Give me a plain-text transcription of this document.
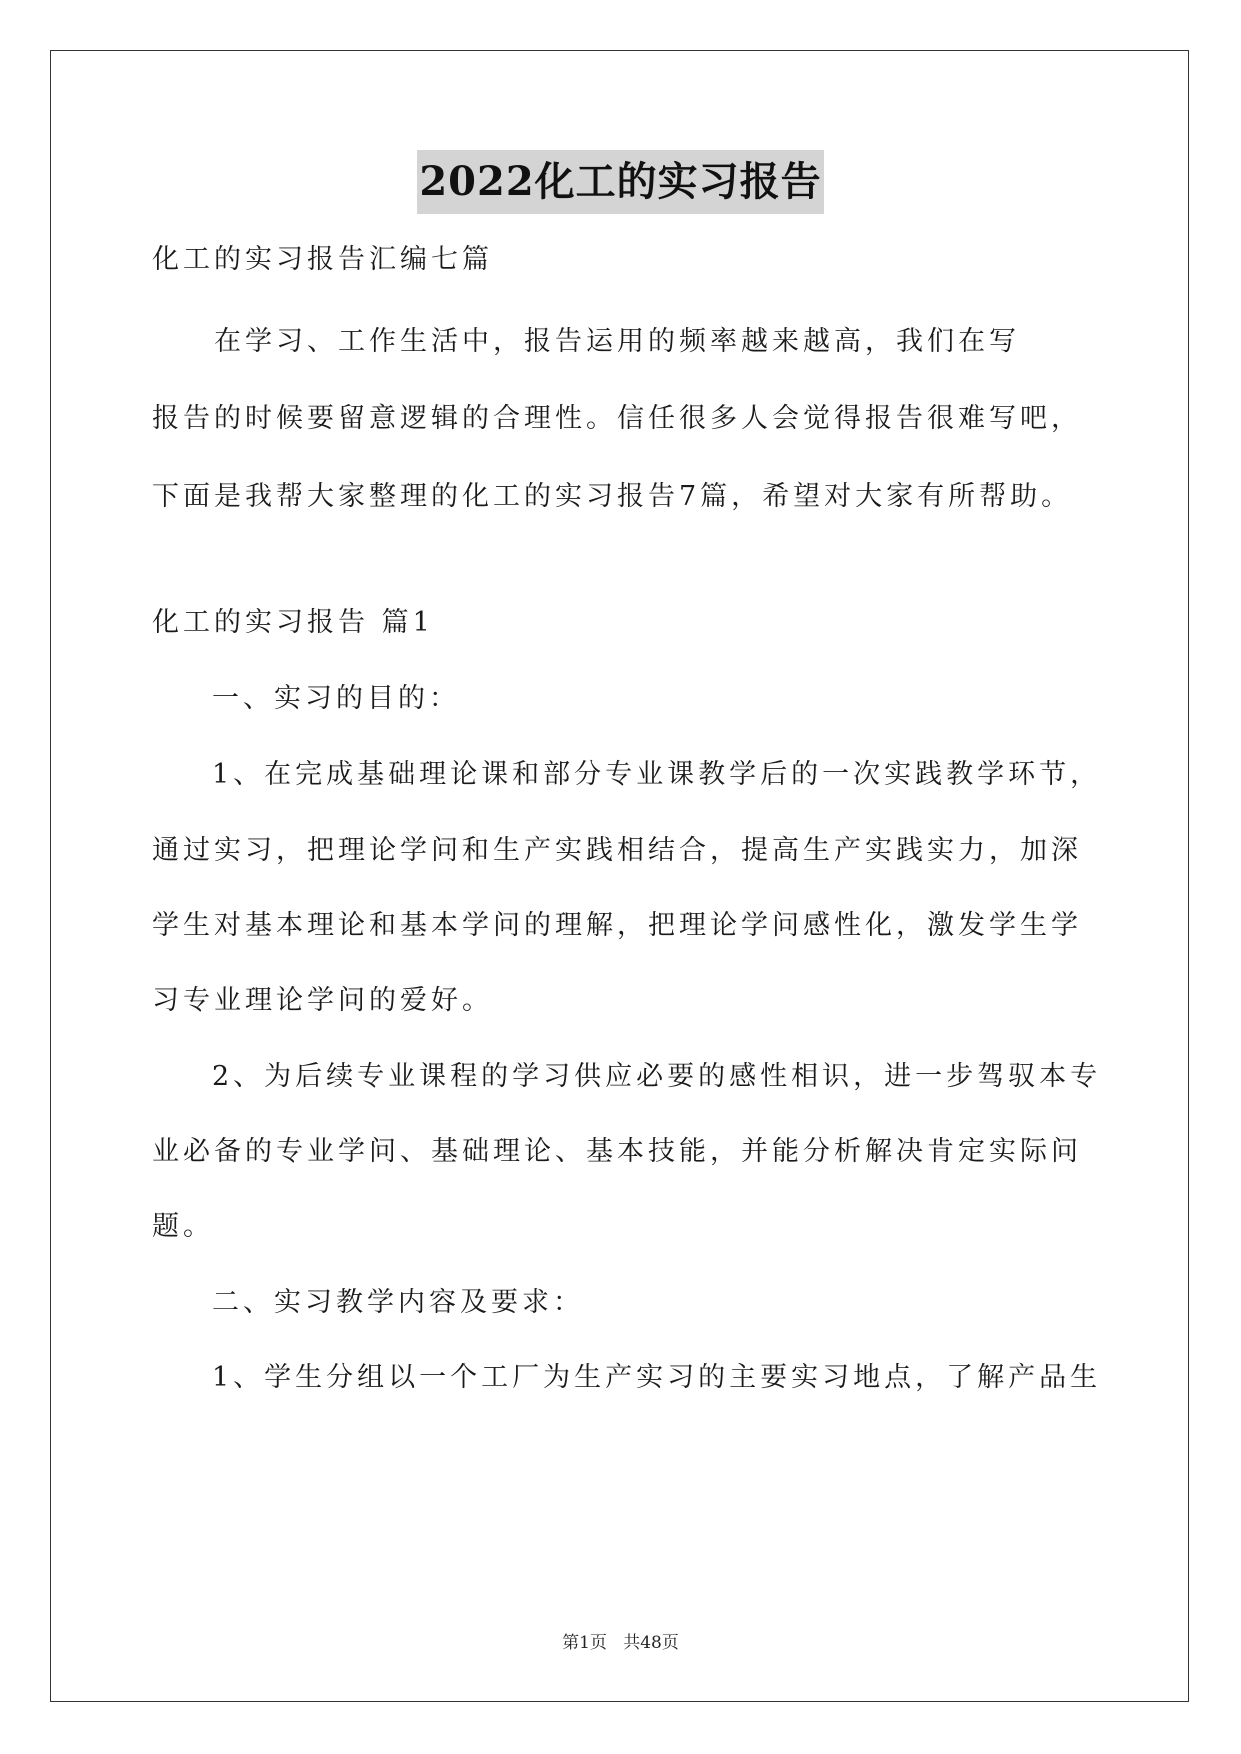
2022化工的实习报告
化工的实习报告汇编七篇
　　在学习、工作生活中，报告运用的频率越来越高，我们在写
报告的时候要留意逻辑的合理性。信任很多人会觉得报告很难写吧，
下面是我帮大家整理的化工的实习报告7篇，希望对大家有所帮助。
化工的实习报告 篇1
一、实习的目的：
1、在完成基础理论课和部分专业课教学后的一次实践教学环节，
通过实习，把理论学问和生产实践相结合，提高生产实践实力，加深
学生对基本理论和基本学问的理解，把理论学问感性化，激发学生学
习专业理论学问的爱好。
2、为后续专业课程的学习供应必要的感性相识，进一步驾驭本专
业必备的专业学问、基础理论、基本技能，并能分析解决肯定实际问
题。
二、实习教学内容及要求：
1、学生分组以一个工厂为生产实习的主要实习地点，了解产品生
第1页 共48页
